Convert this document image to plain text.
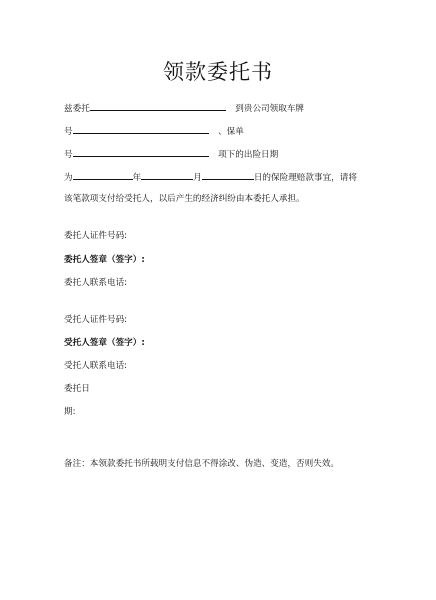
领款委托书
兹委托	到贵公司领取车牌
号	、保单
号	项下的出险日期
为	年	月	日的保险理赔款事宜，请将
该笔款项支付给受托人，以后产生的经济纠纷由本委托人承担。
委托人证件号码:
委托人签章（签字）:
委托人联系电话:
受托人证件号码:
受托人签章（签字）:
受托人联系电话:
委托日
期:
备注：本领款委托书所载明支付信息不得涂改、伪造、变造，否则失效。
